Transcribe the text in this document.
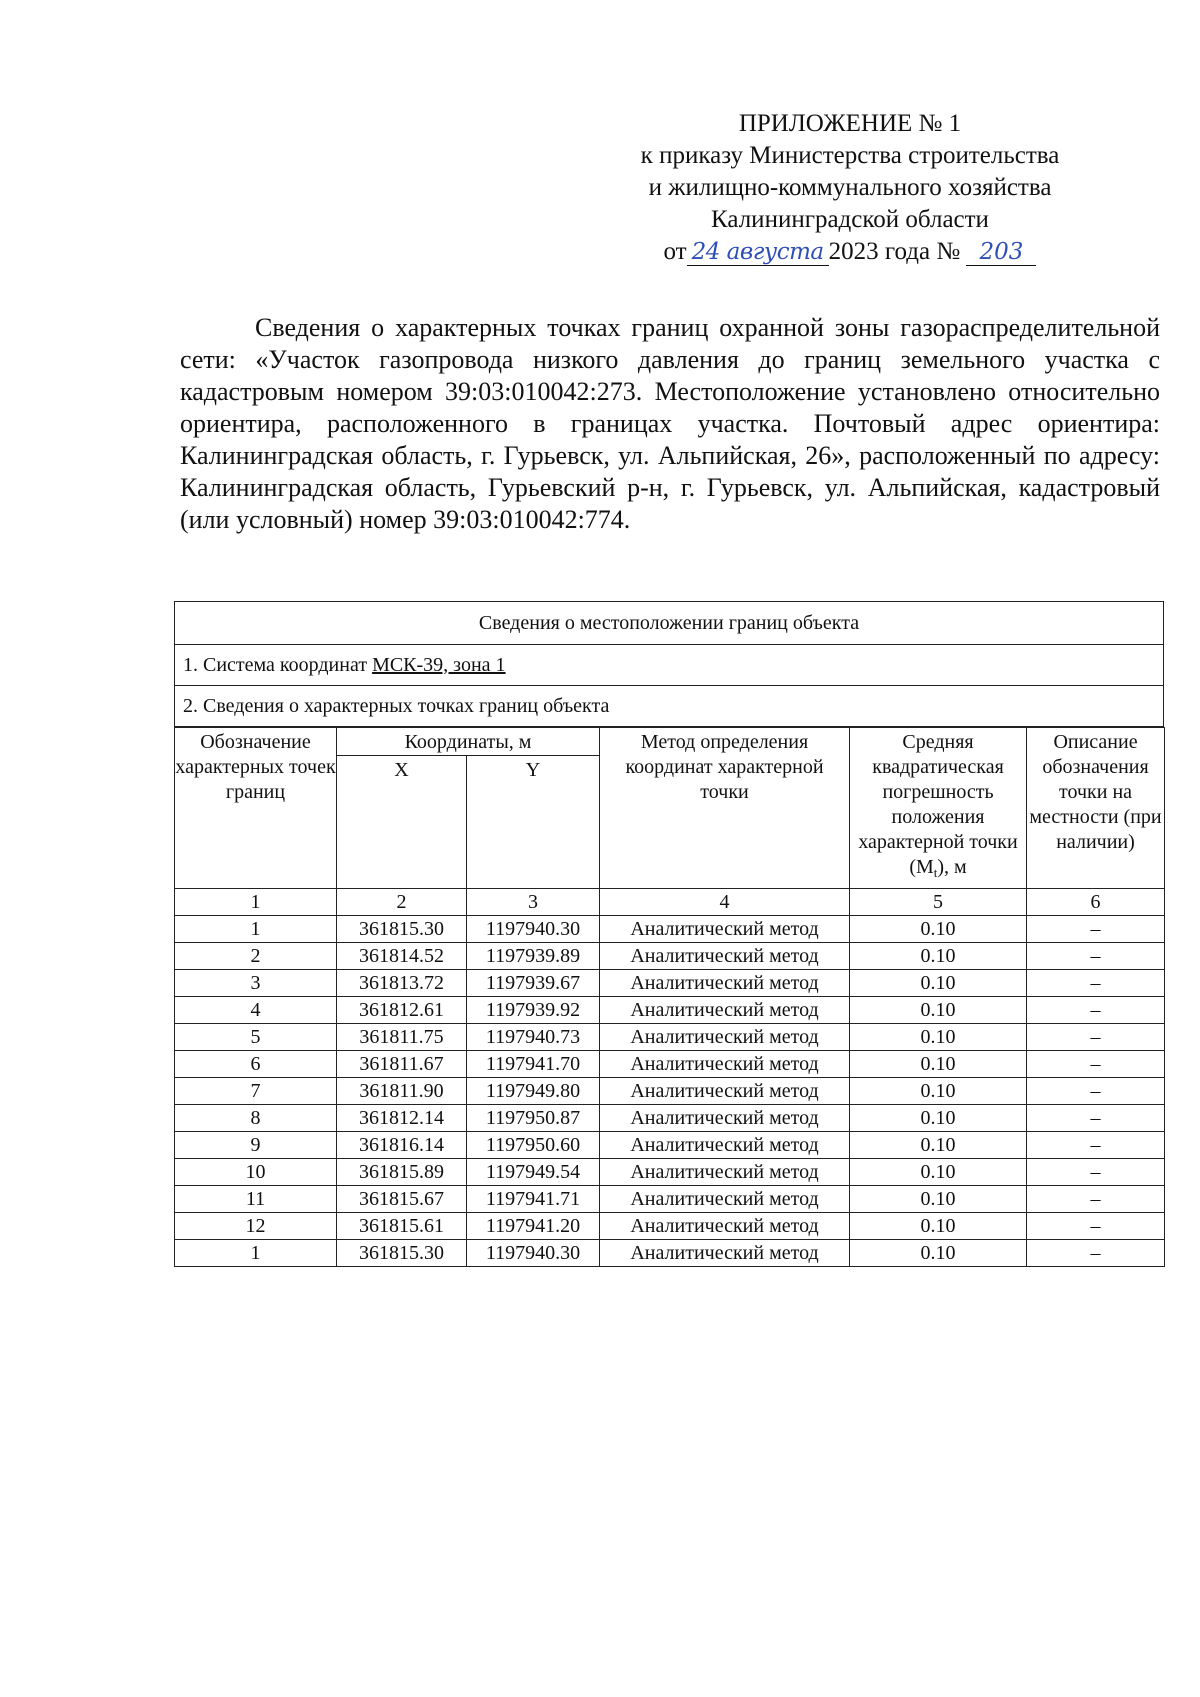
ПРИЛОЖЕНИЕ № 1
к приказу Министерства строительства
и жилищно-коммунального хозяйства
Калининградской области
от 24 августа 2023 года № 203

Сведения о характерных точках границ охранной зоны газораспределительной сети: «Участок газопровода низкого давления до границ земельного участка с кадастровым номером 39:03:010042:273. Местоположение установлено относительно ориентира, расположенного в границах участка. Почтовый адрес ориентира: Калининградская область, г. Гурьевск, ул. Альпийская, 26», расположенный по адресу: Калининградская область, Гурьевский р-н, г. Гурьевск, ул. Альпийская, кадастровый (или условный) номер 39:03:010042:774.

Сведения о местоположении границ объекта
1. Система координат МСК-39, зона 1
2. Сведения о характерных точках границ объекта
Обозначение характерных точек границ	Координаты, м		Метод определения координат характерной точки	Средняя квадратическая погрешность положения характерной точки $(M_t)$, м	Описание обозначения точки на местности (при наличии)
	X	Y			
1	2	3	4	5	6
1	361815.30	1197940.30	Аналитический метод	0.10	–
2	361814.52	1197939.89	Аналитический метод	0.10	–
3	361813.72	1197939.67	Аналитический метод	0.10	–
4	361812.61	1197939.92	Аналитический метод	0.10	–
5	361811.75	1197940.73	Аналитический метод	0.10	–
6	361811.67	1197941.70	Аналитический метод	0.10	–
7	361811.90	1197949.80	Аналитический метод	0.10	–
8	361812.14	1197950.87	Аналитический метод	0.10	–
9	361816.14	1197950.60	Аналитический метод	0.10	–
10	361815.89	1197949.54	Аналитический метод	0.10	–
11	361815.67	1197941.71	Аналитический метод	0.10	–
12	361815.61	1197941.20	Аналитический метод	0.10	–
1	361815.30	1197940.30	Аналитический метод	0.10	–
